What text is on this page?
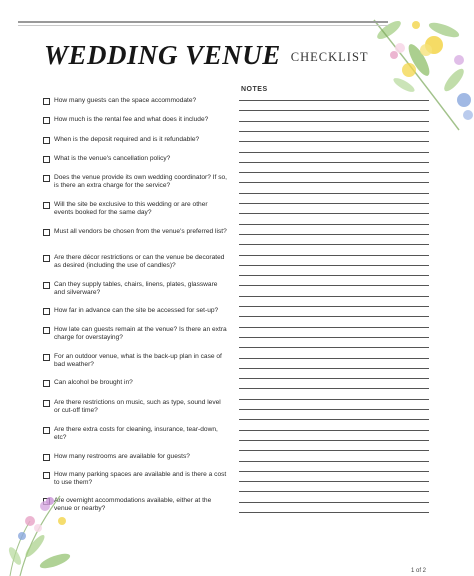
WEDDING VENUE CHECKLIST
NOTES
How many guests can the space accommodate?
How much is the rental fee and what does it include?
When is the deposit required and is it refundable?
What is the venue's cancellation policy?
Does the venue provide its own wedding coordinator? If so, is there an extra charge for the service?
Will the site be exclusive to this wedding or are other events booked for the same day?
Must all vendors be chosen from the venue's preferred list?
Are there décor restrictions or can the venue be decorated as desired (including the use of candles)?
Can they supply tables, chairs, linens, plates, glassware and silverware?
How far in advance can the site be accessed for set-up?
How late can guests remain at the venue? Is there an extra charge for overstaying?
For an outdoor venue, what is the back-up plan in case of bad weather?
Can alcohol be brought in?
Are there restrictions on music, such as type, sound level or cut-off time?
Are there extra costs for cleaning, insurance, tear-down, etc?
How many restrooms are available for guests?
How many parking spaces are available and is there a cost to use them?
Are overnight accommodations available, either at the venue or nearby?
1 of 2
